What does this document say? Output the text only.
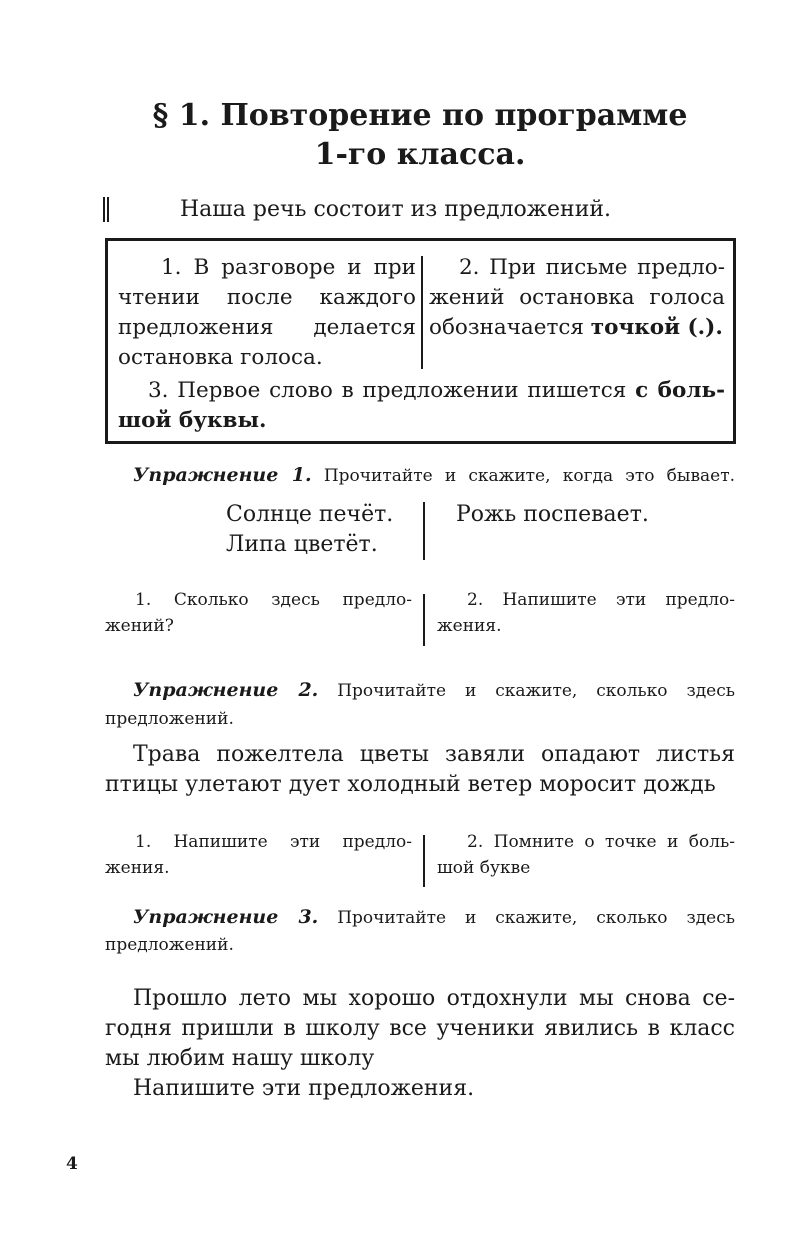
§ 1. Повторение по программе
1-го класса.
Наша речь состоит из предложений.
1. В разговоре и при
чтении после каждого
предложения делается
остановка голоса.
2. При письме предло-
жений остановка голоса
обозначается точкой (.).
3. Первое слово в предложении пишется с боль-
шой буквы.
Упражнение 1. Прочитайте и скажите, когда это бывает.
Солнце печёт.
Липа цветёт.
Рожь поспевает.
1. Сколько здесь предло-
жений?
2. Напишите эти предло-
жения.
Упражнение 2. Прочитайте и скажите, сколько здесь
предложений.
Трава пожелтела цветы завяли опадают листья
птицы улетают дует холодный ветер моросит дождь
1. Напишите эти предло-
жения.
2. Помните о точке и боль-
шой букве
Упражнение 3. Прочитайте и скажите, сколько здесь
предложений.
Прошло лето мы хорошо отдохнули мы снова се-
годня пришли в школу все ученики явились в класс
мы любим нашу школу
Напишите эти предложения.
4
